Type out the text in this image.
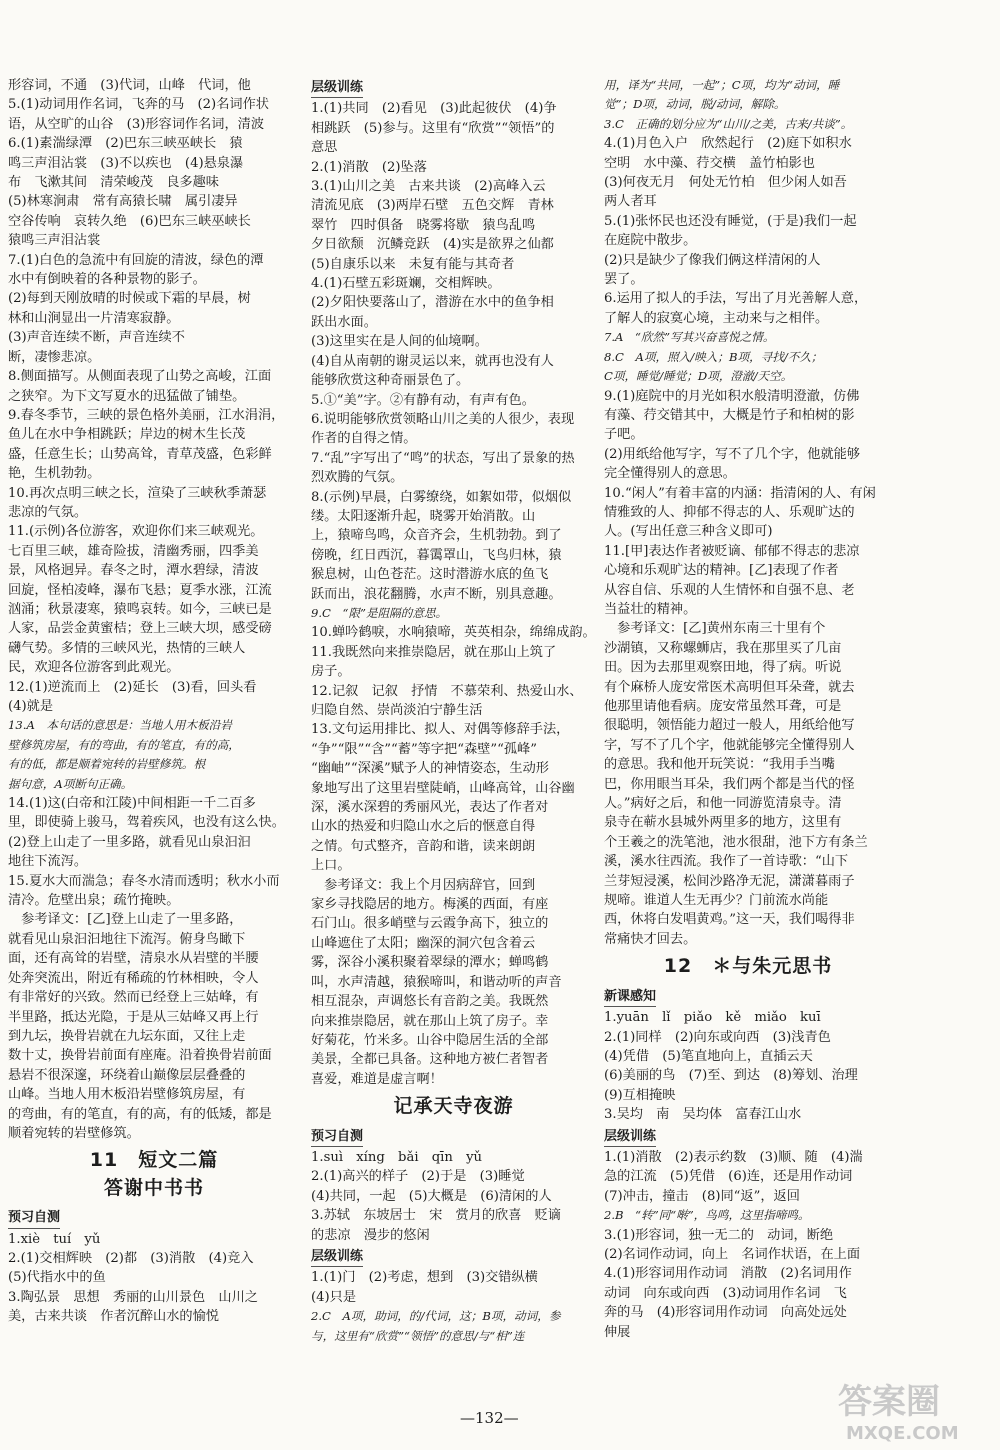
形容词，不通　(3)代词，山峰　代词，他
5.(1)动词用作名词，飞奔的马　(2)名词作状
语，从空旷的山谷　(3)形容词作名词，清波
6.(1)素湍绿潭　(2)巴东三峡巫峡长　猿
鸣三声泪沾裳　(3)不以疾也　(4)悬泉瀑
布　飞漱其间　清荣峻茂　良多趣味
(5)林寒涧肃　常有高猿长啸　属引凄异
空谷传响　哀转久绝　(6)巴东三峡巫峡长
猿鸣三声泪沾裳
7.(1)白色的急流中有回旋的清波，绿色的潭
水中有倒映着的各种景物的影子。
(2)每到天刚放晴的时候或下霜的早晨，树
林和山涧显出一片清寒寂静。
(3)声音连续不断，声音连续不
断，凄惨悲凉。
8.侧面描写。从侧面表现了山势之高峻，江面
之狭窄。为下文写夏水的迅猛做了铺垫。
9.春冬季节，三峡的景色格外美丽，江水涓涓，
鱼儿在水中争相跳跃；岸边的树木生长茂
盛，任意生长；山势高耸，青草茂盛，色彩鲜
艳，生机勃勃。
10.再次点明三峡之长，渲染了三峡秋季萧瑟
悲凉的气氛。
11.(示例)各位游客，欢迎你们来三峡观光。
七百里三峡，雄奇险拔，清幽秀丽，四季美
景，风格迥异。春冬之时，潭水碧绿，清波
回旋，怪柏凌峰，瀑布飞悬；夏季水涨，江流
汹涌；秋景凄寒，猿鸣哀转。如今，三峡已是
人家，品尝金黄蜜桔；登上三峡大坝，感受磅
礴气势。多情的三峡风光，热情的三峡人
民，欢迎各位游客到此观光。
12.(1)逆流而上　(2)延长　(3)看，回头看
(4)就是
13.A　本句话的意思是：当地人用木板沿岩
壁修筑房屋，有的弯曲，有的笔直，有的高，
有的低，都是顺着宛转的岩壁修筑。根
据句意，A项断句正确。
14.(1)这(白帝和江陵)中间相距一千二百多
里，即使骑上骏马，驾着疾风，也没有这么快。
(2)登上山走了一里多路，就看见山泉汩汩
地往下流泻。
15.夏水大而湍急；春冬水清而透明；秋水小而
清冷。危壁出泉；疏竹掩映。
　参考译文：[乙]登上山走了一里多路，
就看见山泉汩汩地往下流泻。俯身鸟瞰下
面，还有高耸的岩壁，清泉水从岩壁的半腰
处奔突流出，附近有稀疏的竹林相映，令人
有非常好的兴致。然而已经登上三姑峰，有
半里路，抵达光隐，于是从三姑峰又再上行
到九坛，换骨岩就在九坛东面，又往上走
数十丈，换骨岩前面有座庵。沿着换骨岩前面
悬岩不很深邃，环绕着山巅像层层叠叠的
山峰。当地人用木板沿岩壁修筑房屋，有
的弯曲，有的笔直，有的高，有的低矮，都是
顺着宛转的岩壁修筑。
11　短文二篇
答谢中书书
预习自测
1.xiè　tuí　yǔ
2.(1)交相辉映　(2)都　(3)消散　(4)竞入
(5)代指水中的鱼
3.陶弘景　思想　秀丽的山川景色　山川之
美，古来共谈　作者沉醉山水的愉悦
层级训练
1.(1)共同　(2)看见　(3)此起彼伏　(4)争
相跳跃　(5)参与。这里有“欣赏”“领悟”的
意思
2.(1)消散　(2)坠落
3.(1)山川之美　古来共谈　(2)高峰入云
清流见底　(3)两岸石壁　五色交辉　青林
翠竹　四时俱备　晓雾将歇　猿鸟乱鸣
夕日欲颓　沉鳞竞跃　(4)实是欲界之仙都
(5)自康乐以来　未复有能与其奇者
4.(1)石壁五彩斑斓，交相辉映。
(2)夕阳快要落山了，潜游在水中的鱼争相
跃出水面。
(3)这里实在是人间的仙境啊。
(4)自从南朝的谢灵运以来，就再也没有人
能够欣赏这种奇丽景色了。
5.①“美”字。②有静有动，有声有色。
6.说明能够欣赏领略山川之美的人很少，表现
作者的自得之情。
7.“乱”字写出了“鸣”的状态，写出了景象的热
烈欢腾的气氛。
8.(示例)早晨，白雾缭绕，如絮如带，似烟似
缕。太阳逐渐升起，晓雾开始消散。山
上，猿啼鸟鸣，众音齐会，生机勃勃。到了
傍晚，红日西沉，暮霭罩山，飞鸟归林，猿
猴息树，山色苍茫。这时潜游水底的鱼飞
跃而出，浪花翻腾，水声不断，别具意趣。
9.C　“限”是阻隔的意思。
10.蝉吟鹤唳，水响猿啼，英英相杂，绵绵成韵。
11.我既然向来推崇隐居，就在那山上筑了
房子。
12.记叙　记叙　抒情　不慕荣利、热爱山水、
归隐自然、崇尚淡泊宁静生活
13.文句运用排比、拟人、对偶等修辞手法，
“争”“限”“含”“蓄”等字把“森壁”“孤峰”
“幽岫”“深溪”赋予人的神情姿态，生动形
象地写出了这里岩壁陡峭，山峰高耸，山谷幽
深，溪水深碧的秀丽风光，表达了作者对
山水的热爱和归隐山水之后的惬意自得
之情。句式整齐，音韵和谐，读来朗朗
上口。
　参考译文：我上个月因病辞官，回到
家乡寻找隐居的地方。梅溪的西面，有座
石门山。很多峭壁与云霞争高下，独立的
山峰遮住了太阳；幽深的洞穴包含着云
雾，深谷小溪积聚着翠绿的潭水；蝉鸣鹤
叫，水声清越，猿猴啼叫，和谐动听的声音
相互混杂，声调悠长有音韵之美。我既然
向来推崇隐居，就在那山上筑了房子。幸
好菊花，竹米多。山谷中隐居生活的全部
美景，全都已具备。这种地方被仁者智者
喜爱，难道是虚言啊！
记承天寺夜游
预习自测
1.suì　xíng　bǎi　qīn　yǔ
2.(1)高兴的样子　(2)于是　(3)睡觉
(4)共同，一起　(5)大概是　(6)清闲的人
3.苏轼　东坡居士　宋　赏月的欣喜　贬谪
的悲凉　漫步的悠闲
层级训练
1.(1)门　(2)考虑，想到　(3)交错纵横
(4)只是
2.C　A项，助词，的/代词，这；B项，动词，参
与，这里有“欣赏”“领悟”的意思/与“相”连
用，译为“共同，一起”；C项，均为“动词，睡
觉”；D项，动词，脱/动词，解除。
3.C　正确的划分应为“山川/之美，古来/共谈”。
4.(1)月色入户　欣然起行　(2)庭下如积水
空明　水中藻、荇交横　盖竹柏影也
(3)何夜无月　何处无竹柏　但少闲人如吾
两人者耳
5.(1)张怀民也还没有睡觉，(于是)我们一起
在庭院中散步。
(2)只是缺少了像我们俩这样清闲的人
罢了。
6.运用了拟人的手法，写出了月光善解人意，
了解人的寂寞心境，主动来与之相伴。
7.A　“欣然”写其兴奋喜悦之情。
8.C　A项，照入/映入；B项，寻找/不久；
C项，睡觉/睡觉；D项，澄澈/天空。
9.(1)庭院中的月光如积水般清明澄澈，仿佛
有藻、荇交错其中，大概是竹子和柏树的影
子吧。
(2)用纸给他写字，写不了几个字，他就能够
完全懂得别人的意思。
10.“闲人”有着丰富的内涵：指清闲的人、有闲
情雅致的人、抑郁不得志的人、乐观旷达的
人。(写出任意三种含义即可)
11.[甲]表达作者被贬谪、郁郁不得志的悲凉
心境和乐观旷达的精神。[乙]表现了作者
从容自信、乐观的人生情怀和自强不息、老
当益壮的精神。
　参考译文：[乙]黄州东南三十里有个
沙湖镇，又称螺蛳店，我在那里买了几亩
田。因为去那里观察田地，得了病。听说
有个麻桥人庞安常医术高明但耳朵聋，就去
他那里请他看病。庞安常虽然耳聋，可是
很聪明，领悟能力超过一般人，用纸给他写
字，写不了几个字，他就能够完全懂得别人
的意思。我和他开玩笑说：“我用手当嘴
巴，你用眼当耳朵，我们两个都是当代的怪
人。”病好之后，和他一同游览清泉寺。清
泉寺在蕲水县城外两里多的地方，这里有
个王羲之的洗笔池，池水很甜，池下方有条兰
溪，溪水往西流。我作了一首诗歌：“山下
兰芽短浸溪，松间沙路净无泥，潇潇暮雨子
规啼。谁道人生无再少？门前流水尚能
西，休将白发唱黄鸡。”这一天，我们喝得非
常痛快才回去。
12　＊与朱元思书
新课感知
1.yuān　lǐ　piǎo　kě　miǎo　kuī
2.(1)同样　(2)向东或向西　(3)浅青色
(4)凭借　(5)笔直地向上，直插云天
(6)美丽的鸟　(7)至、到达　(8)筹划、治理
(9)互相掩映
3.吴均　南　吴均体　富春江山水
层级训练
1.(1)消散　(2)表示约数　(3)顺、随　(4)湍
急的江流　(5)凭借　(6)连，还是用作动词
(7)冲击，撞击　(8)同“返”，返回
2.B　“转”同“啭”，鸟鸣，这里指啼鸣。
3.(1)形容词，独一无二的　动词，断绝
(2)名词作动词，向上　名词作状语，在上面
4.(1)形容词用作动词　消散　(2)名词用作
动词　向东或向西　(3)动词用作名词　飞
奔的马　(4)形容词用作动词　向高处远处
伸展
—132—	答案圈
MXQE.COM
